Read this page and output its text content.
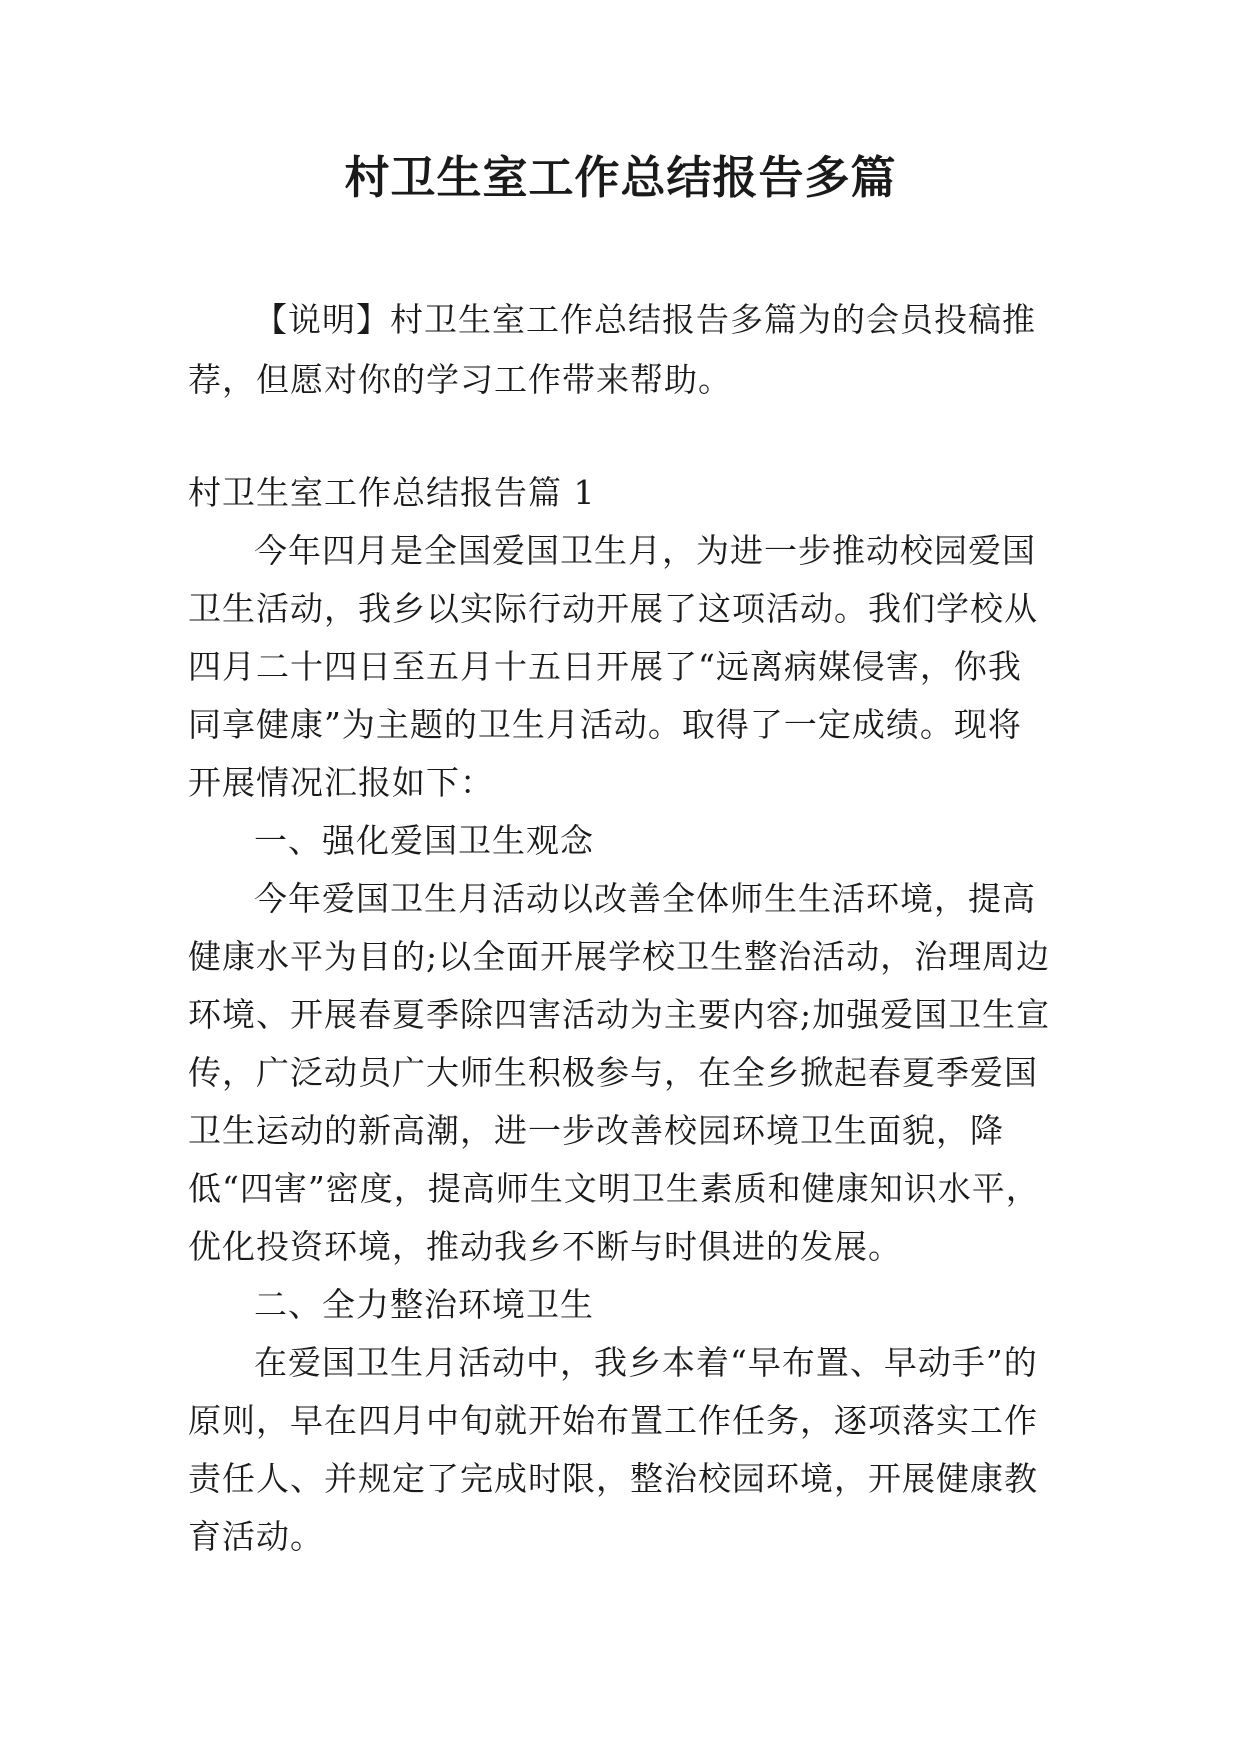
村卫生室工作总结报告多篇

【说明】村卫生室工作总结报告多篇为的会员投稿推荐，但愿对你的学习工作带来帮助。

村卫生室工作总结报告篇 1

今年四月是全国爱国卫生月，为进一步推动校园爱国卫生活动，我乡以实际行动开展了这项活动。我们学校从四月二十四日至五月十五日开展了“远离病媒侵害，你我同享健康”为主题的卫生月活动。取得了一定成绩。现将开展情况汇报如下：

一、强化爱国卫生观念

今年爱国卫生月活动以改善全体师生生活环境，提高健康水平为目的;以全面开展学校卫生整治活动，治理周边环境、开展春夏季除四害活动为主要内容;加强爱国卫生宣传，广泛动员广大师生积极参与，在全乡掀起春夏季爱国卫生运动的新高潮，进一步改善校园环境卫生面貌，降低“四害”密度，提高师生文明卫生素质和健康知识水平，优化投资环境，推动我乡不断与时俱进的发展。

二、全力整治环境卫生

在爱国卫生月活动中，我乡本着“早布置、早动手”的原则，早在四月中旬就开始布置工作任务，逐项落实工作责任人、并规定了完成时限，整治校园环境，开展健康教育活动。
